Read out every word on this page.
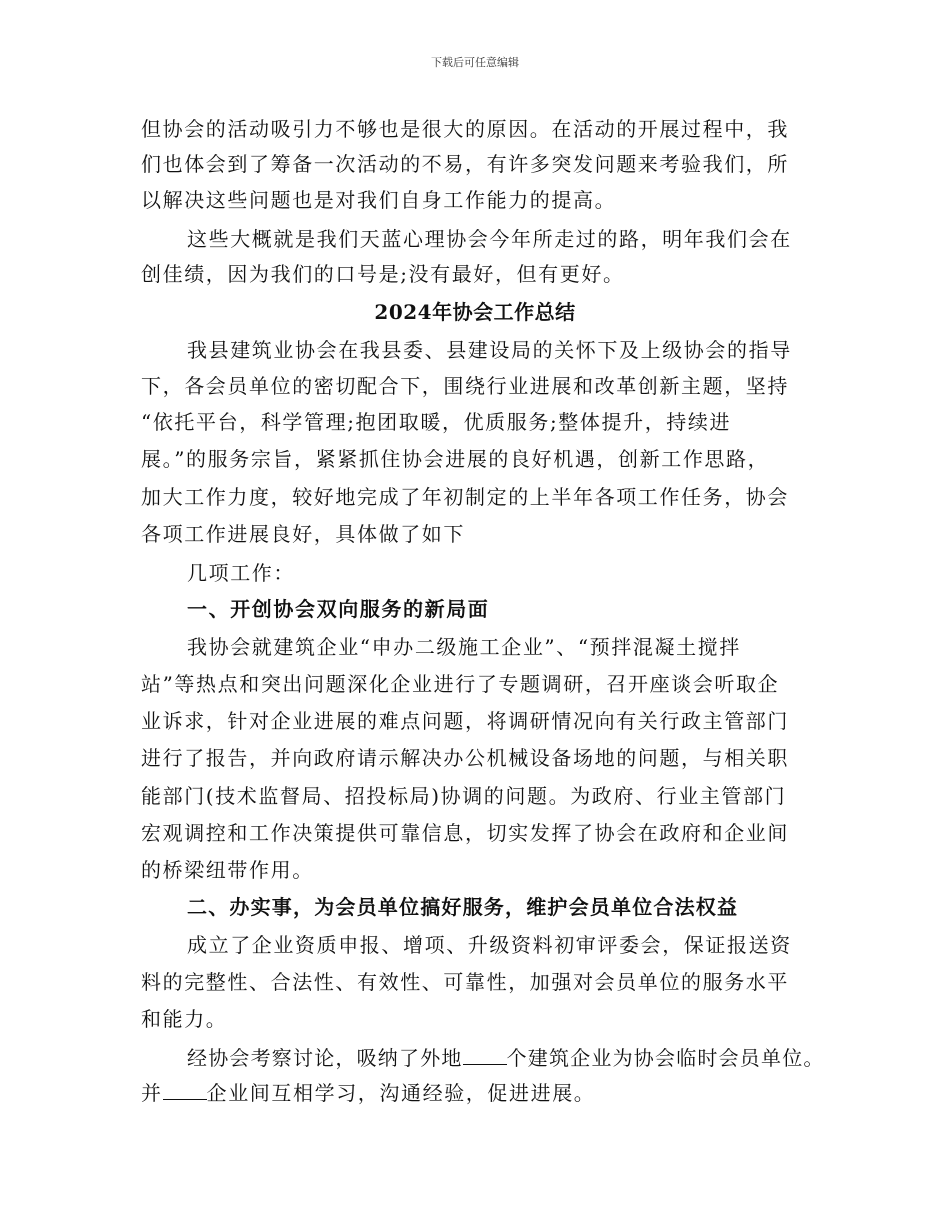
下载后可任意编辑
但协会的活动吸引力不够也是很大的原因。在活动的开展过程中，我
们也体会到了筹备一次活动的不易，有许多突发问题来考验我们，所
以解决这些问题也是对我们自身工作能力的提高。
这些大概就是我们天蓝心理协会今年所走过的路，明年我们会在
创佳绩，因为我们的口号是;没有最好，但有更好。
2024年协会工作总结
我县建筑业协会在我县委、县建设局的关怀下及上级协会的指导
下，各会员单位的密切配合下，围绕行业进展和改革创新主题，坚持
“依托平台，科学管理;抱团取暖，优质服务;整体提升，持续进
展。”的服务宗旨，紧紧抓住协会进展的良好机遇，创新工作思路，
加大工作力度，较好地完成了年初制定的上半年各项工作任务，协会
各项工作进展良好，具体做了如下
几项工作：
一、开创协会双向服务的新局面
我协会就建筑企业“申办二级施工企业”、“预拌混凝土搅拌
站”等热点和突出问题深化企业进行了专题调研，召开座谈会听取企
业诉求，针对企业进展的难点问题，将调研情况向有关行政主管部门
进行了报告，并向政府请示解决办公机械设备场地的问题，与相关职
能部门(技术监督局、招投标局)协调的问题。为政府、行业主管部门
宏观调控和工作决策提供可靠信息，切实发挥了协会在政府和企业间
的桥梁纽带作用。
二、办实事，为会员单位搞好服务，维护会员单位合法权益
成立了企业资质申报、增项、升级资料初审评委会，保证报送资
料的完整性、合法性、有效性、可靠性，加强对会员单位的服务水平
和能力。
经协会考察讨论，吸纳了外地 个建筑企业为协会临时会员单位。
并 企业间互相学习，沟通经验，促进进展。
